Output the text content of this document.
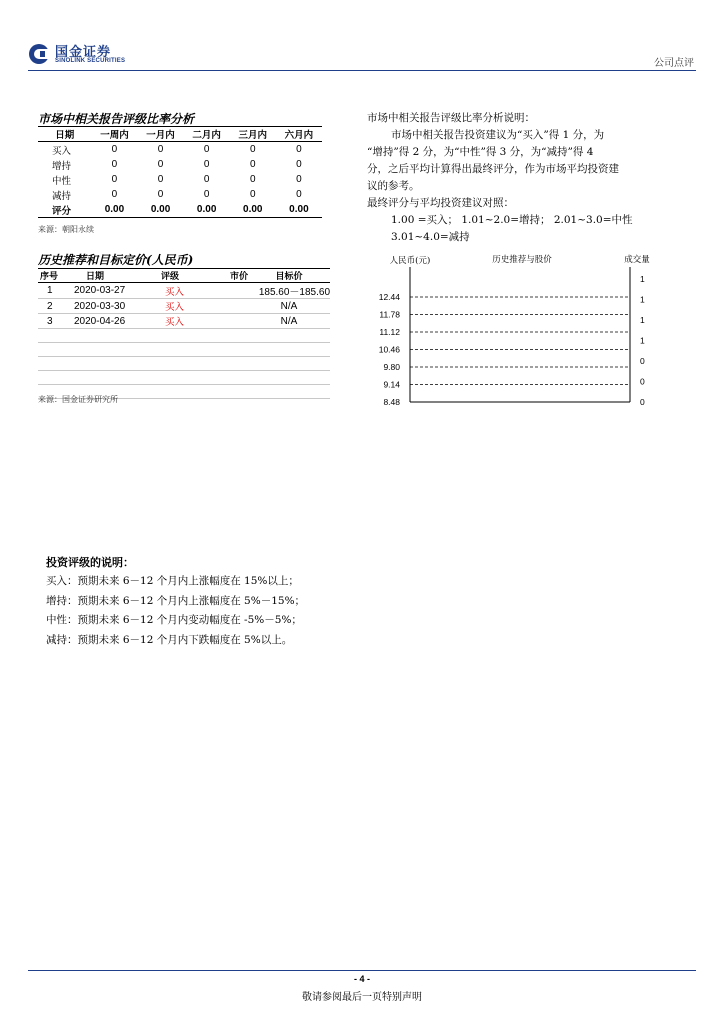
国金证券
SINOLINK SECURITIES	公司点评
市场中相关报告评级比率分析
日期	一周内	一月内	二月内	三月内	六月内
买入	0	0	0	0	0
增持	0	0	0	0	0
中性	0	0	0	0	0
减持	0	0	0	0	0
评分	0.00	0.00	0.00	0.00	0.00
来源：朝阳永续

市场中相关报告评级比率分析说明：

市场中相关报告投资建议为“买入”得 1 分，为

“增持”得 2 分，为“中性”得 3 分，为“减持”得 4

分，之后平均计算得出最终评分，作为市场平均投资建

议的参考。

最终评分与平均投资建议对照：

1.00 =买入； 1.01~2.0=增持； 2.01~3.0=中性

3.01~4.0=减持

历史推荐和目标定价(人民币)
序号	日期	评级	市价	目标价
1	2020-03-27	买入		185.60－185.60
2	2020-03-30	买入		N/A
3	2020-04-26	买入		N/A

来源：国金证券研究所
人民币(元)	历史推荐与股价	成交量
12.44
11.78
11.12
10.46
9.80
9.14
8.48
1
1
1
1
0
0
0
投资评级的说明：
买入：预期未来 6－12 个月内上涨幅度在 15%以上；
增持：预期未来 6－12 个月内上涨幅度在 5%－15%；
中性：预期未来 6－12 个月内变动幅度在 -5%－5%；
减持：预期未来 6－12 个月内下跌幅度在 5%以上。
- 4 -
敬请参阅最后一页特别声明
